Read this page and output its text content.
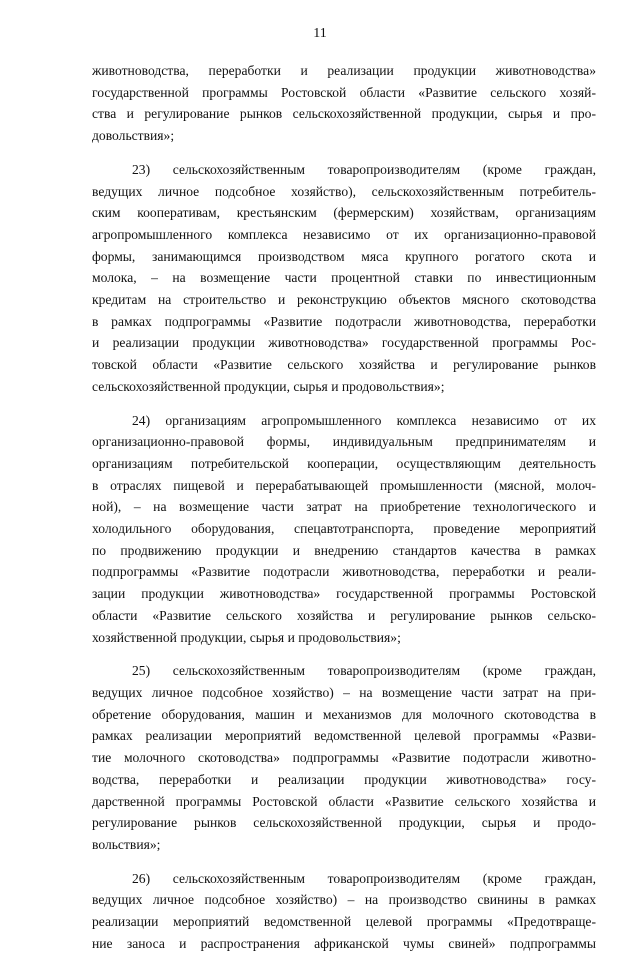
11
животноводства, переработки и реализации продукции животноводства»
государственной программы Ростовской области «Развитие сельского хозяй-
ства и регулирование рынков сельскохозяйственной продукции, сырья и про-
довольствия»;
23) сельскохозяйственным товаропроизводителям (кроме граждан,
ведущих личное подсобное хозяйство), сельскохозяйственным потребитель-
ским кооперативам, крестьянским (фермерским) хозяйствам, организациям
агропромышленного комплекса независимо от их организационно-правовой
формы, занимающимся производством мяса крупного рогатого скота и
молока, – на возмещение части процентной ставки по инвестиционным
кредитам на строительство и реконструкцию объектов мясного скотоводства
в рамках подпрограммы «Развитие подотрасли животноводства, переработки
и реализации продукции животноводства» государственной программы Рос-
товской области «Развитие сельского хозяйства и регулирование рынков
сельскохозяйственной продукции, сырья и продовольствия»;
24) организациям агропромышленного комплекса независимо от их
организационно-правовой формы, индивидуальным предпринимателям и
организациям потребительской кооперации, осуществляющим деятельность
в отраслях пищевой и перерабатывающей промышленности (мясной, молоч-
ной), – на возмещение части затрат на приобретение технологического и
холодильного оборудования, спецавтотранспорта, проведение мероприятий
по продвижению продукции и внедрению стандартов качества в рамках
подпрограммы «Развитие подотрасли животноводства, переработки и реали-
зации продукции животноводства» государственной программы Ростовской
области «Развитие сельского хозяйства и регулирование рынков сельско-
хозяйственной продукции, сырья и продовольствия»;
25) сельскохозяйственным товаропроизводителям (кроме граждан,
ведущих личное подсобное хозяйство) – на возмещение части затрат на при-
обретение оборудования, машин и механизмов для молочного скотоводства в
рамках реализации мероприятий ведомственной целевой программы «Разви-
тие молочного скотоводства» подпрограммы «Развитие подотрасли животно-
водства, переработки и реализации продукции животноводства» госу-
дарственной программы Ростовской области «Развитие сельского хозяйства и
регулирование рынков сельскохозяйственной продукции, сырья и продо-
вольствия»;
26) сельскохозяйственным товаропроизводителям (кроме граждан,
ведущих личное подсобное хозяйство) – на производство свинины в рамках
реализации мероприятий ведомственной целевой программы «Предотвраще-
ние заноса и распространения африканской чумы свиней» подпрограммы
